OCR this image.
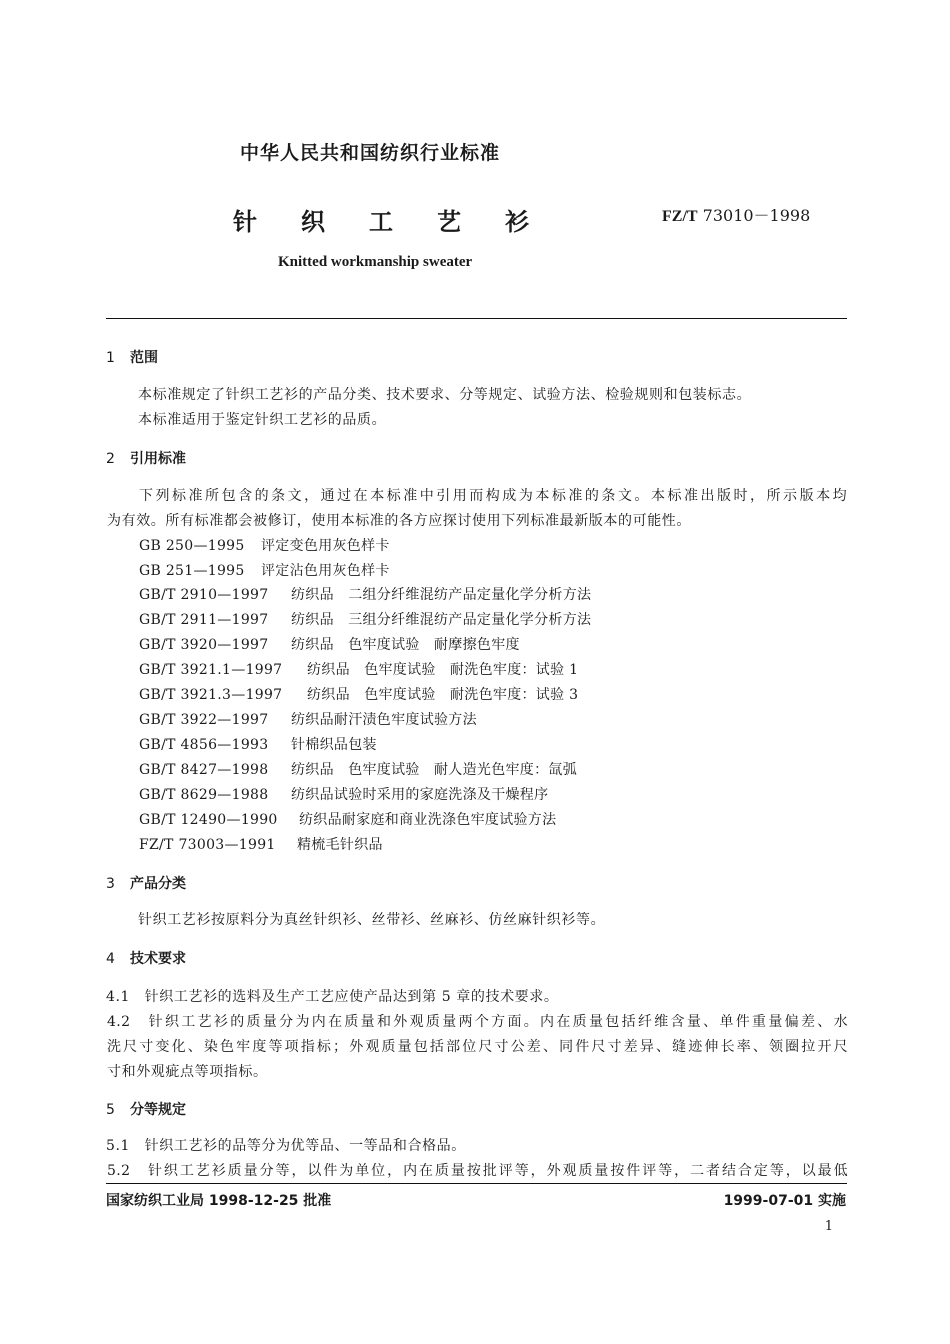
中华人民共和国纺织行业标准
针 织 工 艺 衫	FZ/T 73010－1998
Knitted workmanship sweater
1 范围
本标准规定了针织工艺衫的产品分类、技术要求、分等规定、试验方法、检验规则和包装标志。
本标准适用于鉴定针织工艺衫的品质。
2 引用标准
下列标准所包含的条文，通过在本标准中引用而构成为本标准的条文。本标准出版时，所示版本均
为有效。所有标准都会被修订，使用本标准的各方应探讨使用下列标准最新版本的可能性。
GB 250—1995 评定变色用灰色样卡
GB 251—1995 评定沾色用灰色样卡
GB/T 2910—1997 纺织品　二组分纤维混纺产品定量化学分析方法
GB/T 2911—1997 纺织品　三组分纤维混纺产品定量化学分析方法
GB/T 3920—1997 纺织品　色牢度试验　耐摩擦色牢度
GB/T 3921.1—1997 纺织品　色牢度试验　耐洗色牢度：试验 1
GB/T 3921.3—1997 纺织品　色牢度试验　耐洗色牢度：试验 3
GB/T 3922—1997 纺织品耐汗渍色牢度试验方法
GB/T 4856—1993 针棉织品包装
GB/T 8427—1998 纺织品　色牢度试验　耐人造光色牢度：氙弧
GB/T 8629—1988 纺织品试验时采用的家庭洗涤及干燥程序
GB/T 12490—1990 纺织品耐家庭和商业洗涤色牢度试验方法
FZ/T 73003—1991 精梳毛针织品
3 产品分类
针织工艺衫按原料分为真丝针织衫、丝带衫、丝麻衫、仿丝麻针织衫等。
4 技术要求
4.1　针织工艺衫的选料及生产工艺应使产品达到第 5 章的技术要求。
4.2　针织工艺衫的质量分为内在质量和外观质量两个方面。内在质量包括纤维含量、单件重量偏差、水
洗尺寸变化、染色牢度等项指标；外观质量包括部位尺寸公差、同件尺寸差异、缝迹伸长率、领圈拉开尺
寸和外观疵点等项指标。
5 分等规定
5.1　针织工艺衫的品等分为优等品、一等品和合格品。
5.2　针织工艺衫质量分等，以件为单位，内在质量按批评等，外观质量按件评等，二者结合定等，以最低
国家纺织工业局 1998-12-25 批准	1999-07-01 实施
1
